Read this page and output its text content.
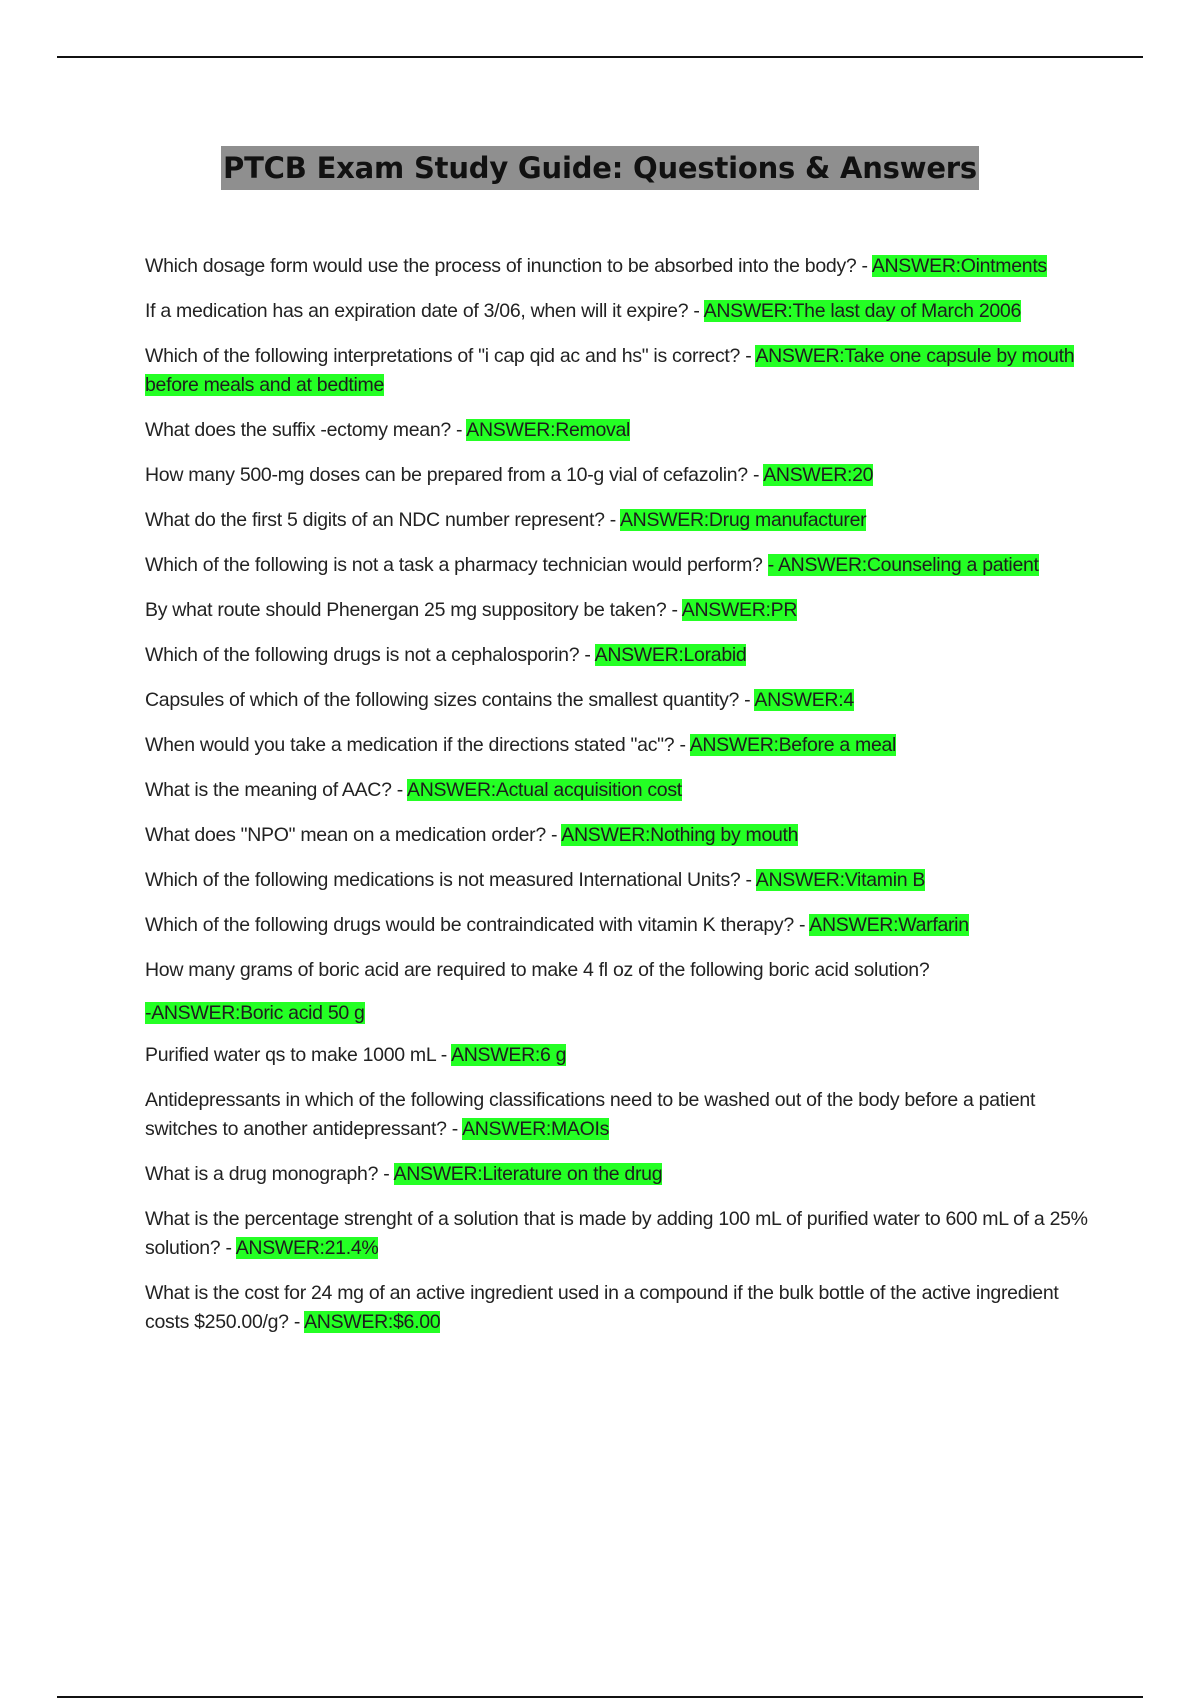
PTCB Exam Study Guide: Questions & Answers

Which dosage form would use the process of inunction to be absorbed into the body? - ANSWER:Ointments

If a medication has an expiration date of 3/06, when will it expire? - ANSWER:The last day of March 2006

Which of the following interpretations of "i cap qid ac and hs" is correct? - ANSWER:Take one capsule by mouth before meals and at bedtime

What does the suffix -ectomy mean? - ANSWER:Removal

How many 500-mg doses can be prepared from a 10-g vial of cefazolin? - ANSWER:20

What do the first 5 digits of an NDC number represent? - ANSWER:Drug manufacturer

Which of the following is not a task a pharmacy technician would perform? - ANSWER:Counseling a patient

By what route should Phenergan 25 mg suppository be taken? - ANSWER:PR

Which of the following drugs is not a cephalosporin? - ANSWER:Lorabid

Capsules of which of the following sizes contains the smallest quantity? - ANSWER:4

When would you take a medication if the directions stated "ac"? - ANSWER:Before a meal

What is the meaning of AAC? - ANSWER:Actual acquisition cost

What does "NPO" mean on a medication order? - ANSWER:Nothing by mouth

Which of the following medications is not measured International Units? - ANSWER:Vitamin B

Which of the following drugs would be contraindicated with vitamin K therapy? - ANSWER:Warfarin

How many grams of boric acid are required to make 4 fl oz of the following boric acid solution?
-ANSWER:Boric acid 50 g

Purified water qs to make 1000 mL - ANSWER:6 g

Antidepressants in which of the following classifications need to be washed out of the body before a patient switches to another antidepressant? - ANSWER:MAOIs

What is a drug monograph? - ANSWER:Literature on the drug

What is the percentage strenght of a solution that is made by adding 100 mL of purified water to 600 mL of a 25% solution? - ANSWER:21.4%

What is the cost for 24 mg of an active ingredient used in a compound if the bulk bottle of the active ingredient costs $250.00/g? - ANSWER:$6.00
